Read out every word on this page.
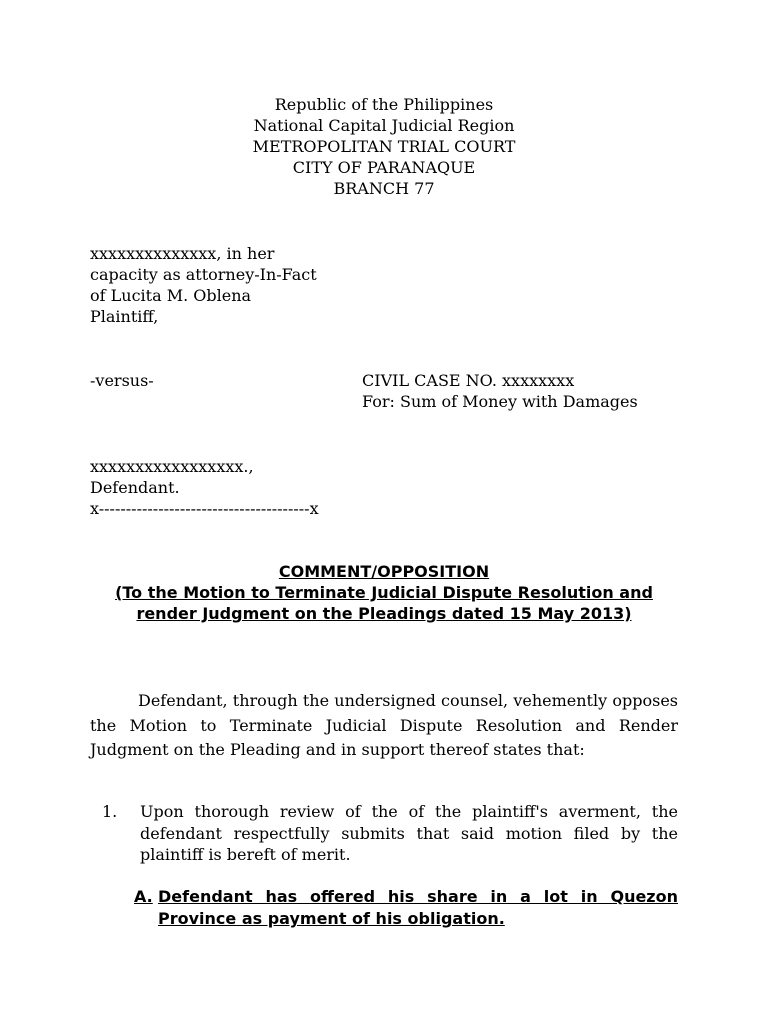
Republic of the Philippines
National Capital Judicial Region
METROPOLITAN TRIAL COURT
CITY OF PARANAQUE
BRANCH 77
xxxxxxxxxxxxxx, in her
capacity as attorney-In-Fact
of Lucita M. Oblena
Plaintiff,
-versus-	CIVIL CASE NO. xxxxxxxx
For: Sum of Money with Damages
xxxxxxxxxxxxxxxxx.,
Defendant.
x---------------------------------------x
COMMENT/OPPOSITION
(To the Motion to Terminate Judicial Dispute Resolution and
render Judgment on the Pleadings dated 15 May 2013)
Defendant, through the undersigned counsel, vehemently opposes the Motion to Terminate Judicial Dispute Resolution and Render Judgment on the Pleading and in support thereof states that:
1. Upon thorough review of the of the plaintiff's averment, the defendant respectfully submits that said motion filed by the plaintiff is bereft of merit.
A. Defendant has offered his share in a lot in Quezon Province as payment of his obligation.
